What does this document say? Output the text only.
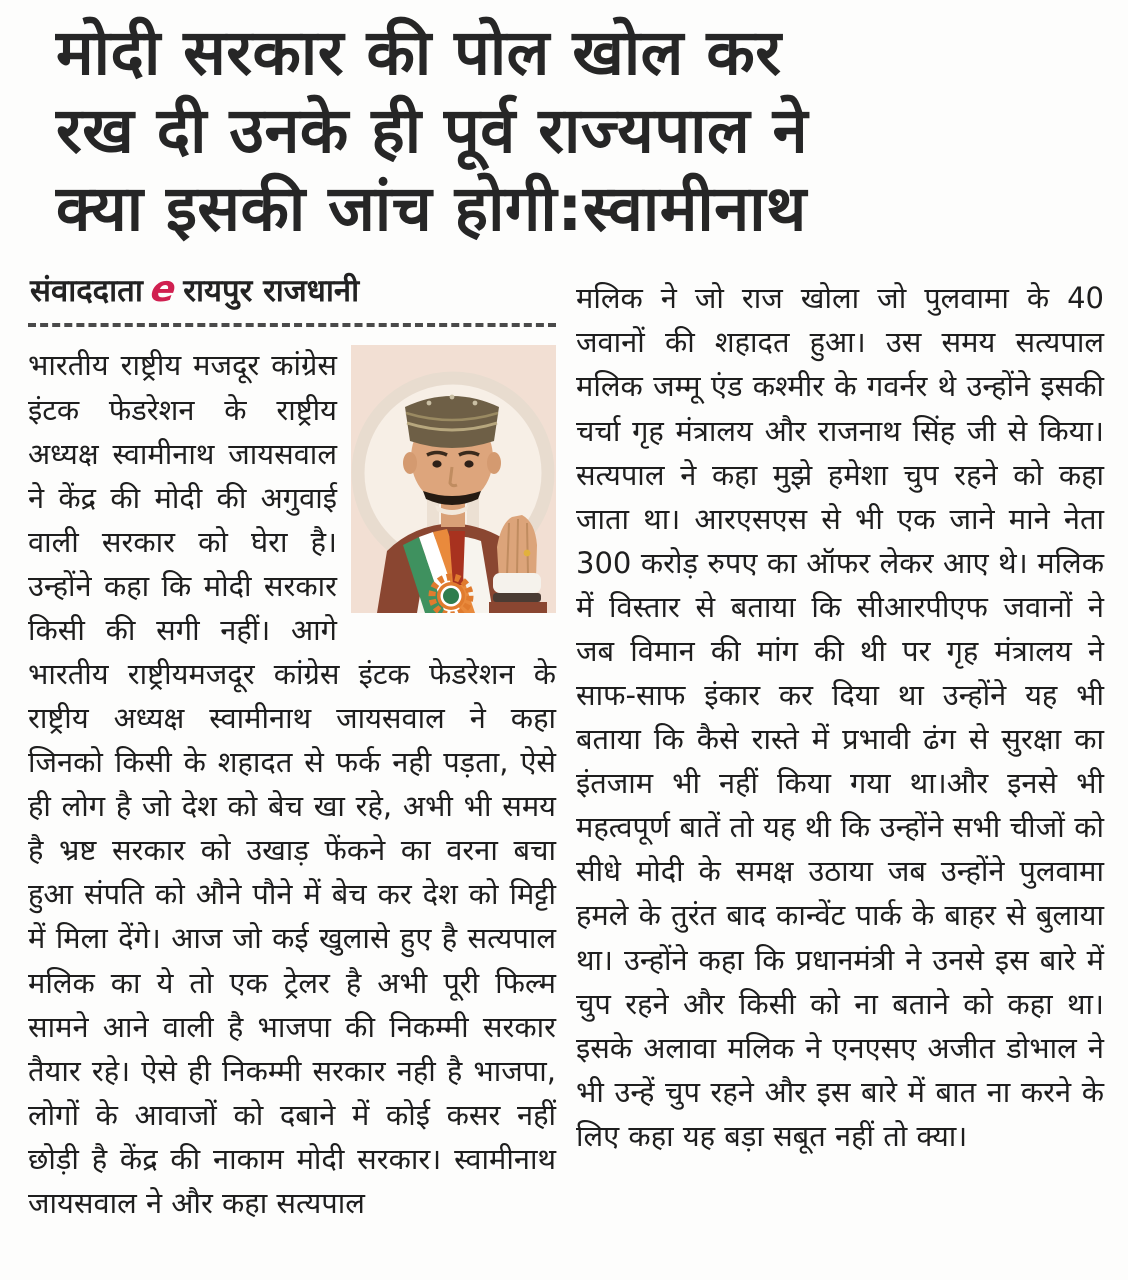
मोदी सरकार की पोल खोल कर
रख दी उनके ही पूर्व राज्यपाल ने
क्या इसकी जांच होगी:स्वामीनाथ
संवाददाता e रायपुर राजधानी
भारतीय राष्ट्रीय मजदूर कांग्रेस इंटक फेडरेशन के राष्ट्रीय अध्यक्ष स्वामीनाथ जायसवाल ने केंद्र की मोदी की अगुवाई वाली सरकार को घेरा है। उन्होंने कहा कि मोदी सरकार किसी की सगी नहीं। आगे भारतीय राष्ट्रीयमजदूर कांग्रेस इंटक फेडरेशन के राष्ट्रीय अध्यक्ष स्वामीनाथ जायसवाल ने कहा जिनको किसी के शहादत से फर्क नही पड़ता, ऐसे ही लोग है जो देश को बेच खा रहे, अभी भी समय है भ्रष्ट सरकार को उखाड़ फेंकने का वरना बचा हुआ संपति को औने पौने में बेच कर देश को मिट्टी में मिला देंगे। आज जो कई खुलासे हुए है सत्यपाल मलिक का ये तो एक ट्रेलर है अभी पूरी फिल्म सामने आने वाली है भाजपा की निकम्मी सरकार तैयार रहे। ऐसे ही निकम्मी सरकार नही है भाजपा, लोगों के आवाजों को दबाने में कोई कसर नहीं छोड़ी है केंद्र की नाकाम मोदी सरकार। स्वामीनाथ जायसवाल ने और कहा सत्यपाल
मलिक ने जो राज खोला जो पुलवामा के 40 जवानों की शहादत हुआ। उस समय सत्यपाल मलिक जम्मू एंड कश्मीर के गवर्नर थे उन्होंने इसकी चर्चा गृह मंत्रालय और राजनाथ सिंह जी से किया। सत्यपाल ने कहा मुझे हमेशा चुप रहने को कहा जाता था। आरएसएस से भी एक जाने माने नेता 300 करोड़ रुपए का ऑफर लेकर आए थे। मलिक में विस्तार से बताया कि सीआरपीएफ जवानों ने जब विमान की मांग की थी पर गृह मंत्रालय ने साफ-साफ इंकार कर दिया था उन्होंने यह भी बताया कि कैसे रास्ते में प्रभावी ढंग से सुरक्षा का इंतजाम भी नहीं किया गया था।और इनसे भी महत्वपूर्ण बातें तो यह थी कि उन्होंने सभी चीजों को सीधे मोदी के समक्ष उठाया जब उन्होंने पुलवामा हमले के तुरंत बाद कान्वेंट पार्क के बाहर से बुलाया था। उन्होंने कहा कि प्रधानमंत्री ने उनसे इस बारे में चुप रहने और किसी को ना बताने को कहा था। इसके अलावा मलिक ने एनएसए अजीत डोभाल ने भी उन्हें चुप रहने और इस बारे में बात ना करने के लिए कहा यह बड़ा सबूत नहीं तो क्या।
